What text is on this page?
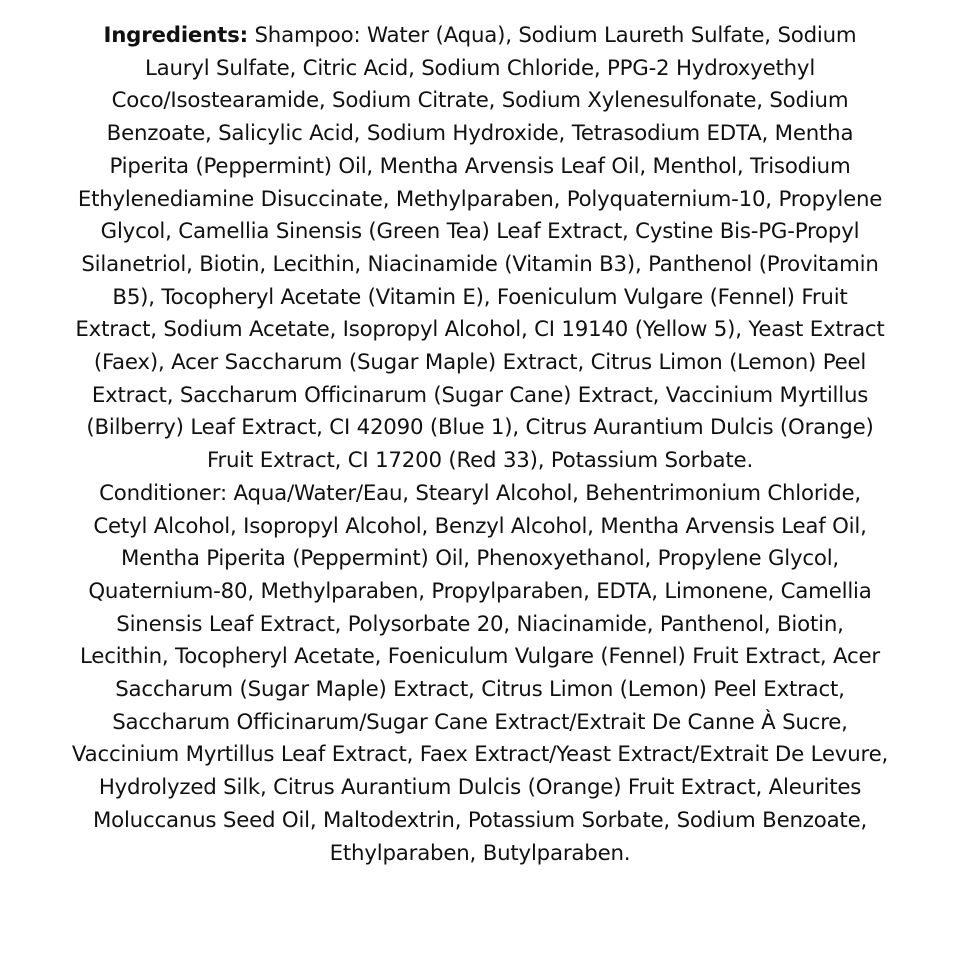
Ingredients: Shampoo: Water (Aqua), Sodium Laureth Sulfate, Sodium Lauryl Sulfate, Citric Acid, Sodium Chloride, PPG-2 Hydroxyethyl Coco/Isostearamide, Sodium Citrate, Sodium Xylenesulfonate, Sodium Benzoate, Salicylic Acid, Sodium Hydroxide, Tetrasodium EDTA, Mentha Piperita (Peppermint) Oil, Mentha Arvensis Leaf Oil, Menthol, Trisodium Ethylenediamine Disuccinate, Methylparaben, Polyquaternium-10, Propylene Glycol, Camellia Sinensis (Green Tea) Leaf Extract, Cystine Bis-PG-Propyl Silanetriol, Biotin, Lecithin, Niacinamide (Vitamin B3), Panthenol (Provitamin B5), Tocopheryl Acetate (Vitamin E), Foeniculum Vulgare (Fennel) Fruit Extract, Sodium Acetate, Isopropyl Alcohol, CI 19140 (Yellow 5), Yeast Extract (Faex), Acer Saccharum (Sugar Maple) Extract, Citrus Limon (Lemon) Peel Extract, Saccharum Officinarum (Sugar Cane) Extract, Vaccinium Myrtillus (Bilberry) Leaf Extract, CI 42090 (Blue 1), Citrus Aurantium Dulcis (Orange) Fruit Extract, CI 17200 (Red 33), Potassium Sorbate.

Conditioner: Aqua/Water/Eau, Stearyl Alcohol, Behentrimonium Chloride, Cetyl Alcohol, Isopropyl Alcohol, Benzyl Alcohol, Mentha Arvensis Leaf Oil, Mentha Piperita (Peppermint) Oil, Phenoxyethanol, Propylene Glycol, Quaternium-80, Methylparaben, Propylparaben, EDTA, Limonene, Camellia Sinensis Leaf Extract, Polysorbate 20, Niacinamide, Panthenol, Biotin, Lecithin, Tocopheryl Acetate, Foeniculum Vulgare (Fennel) Fruit Extract, Acer Saccharum (Sugar Maple) Extract, Citrus Limon (Lemon) Peel Extract, Saccharum Officinarum/Sugar Cane Extract/Extrait De Canne À Sucre, Vaccinium Myrtillus Leaf Extract, Faex Extract/Yeast Extract/Extrait De Levure, Hydrolyzed Silk, Citrus Aurantium Dulcis (Orange) Fruit Extract, Aleurites Moluccanus Seed Oil, Maltodextrin, Potassium Sorbate, Sodium Benzoate, Ethylparaben, Butylparaben.
